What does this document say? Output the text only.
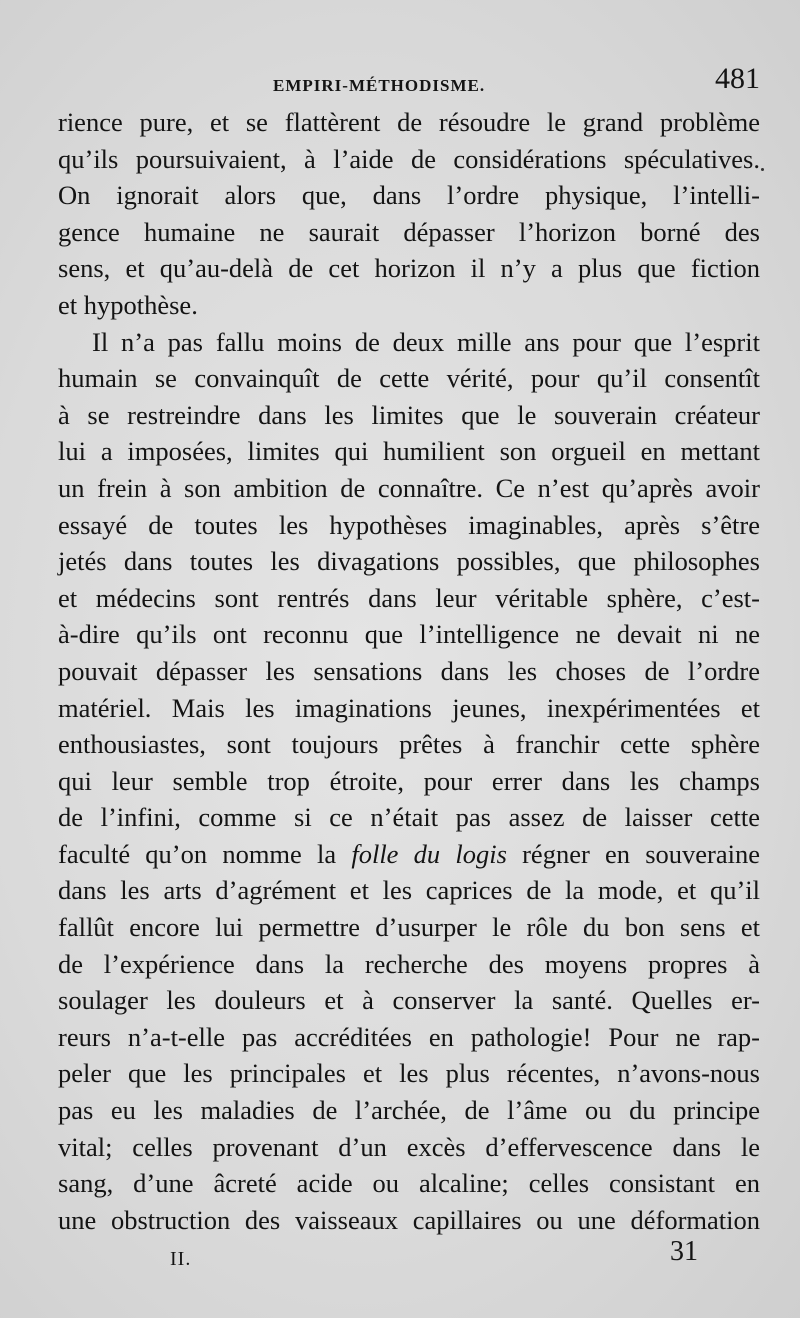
EMPIRI-MÉTHODISME.	481
rience pure, et se flattèrent de résoudre le grand problème
qu’ils poursuivaient, à l’aide de considérations spéculatives.
On ignorait alors que, dans l’ordre physique, l’intelli-
gence humaine ne saurait dépasser l’horizon borné des
sens, et qu’au-delà de cet horizon il n’y a plus que fiction
et hypothèse.
Il n’a pas fallu moins de deux mille ans pour que l’esprit
humain se convainquît de cette vérité, pour qu’il consentît
à se restreindre dans les limites que le souverain créateur
lui a imposées, limites qui humilient son orgueil en mettant
un frein à son ambition de connaître. Ce n’est qu’après avoir
essayé de toutes les hypothèses imaginables, après s’être
jetés dans toutes les divagations possibles, que philosophes
et médecins sont rentrés dans leur véritable sphère, c’est-
à-dire qu’ils ont reconnu que l’intelligence ne devait ni ne
pouvait dépasser les sensations dans les choses de l’ordre
matériel. Mais les imaginations jeunes, inexpérimentées et
enthousiastes, sont toujours prêtes à franchir cette sphère
qui leur semble trop étroite, pour errer dans les champs
de l’infini, comme si ce n’était pas assez de laisser cette
faculté qu’on nomme la folle du logis régner en souveraine
dans les arts d’agrément et les caprices de la mode, et qu’il
fallût encore lui permettre d’usurper le rôle du bon sens et
de l’expérience dans la recherche des moyens propres à
soulager les douleurs et à conserver la santé. Quelles er-
reurs n’a-t-elle pas accréditées en pathologie! Pour ne rap-
peler que les principales et les plus récentes, n’avons-nous
pas eu les maladies de l’archée, de l’âme ou du principe
vital; celles provenant d’un excès d’effervescence dans le
sang, d’une âcreté acide ou alcaline; celles consistant en
une obstruction des vaisseaux capillaires ou une déformation
II.	31
